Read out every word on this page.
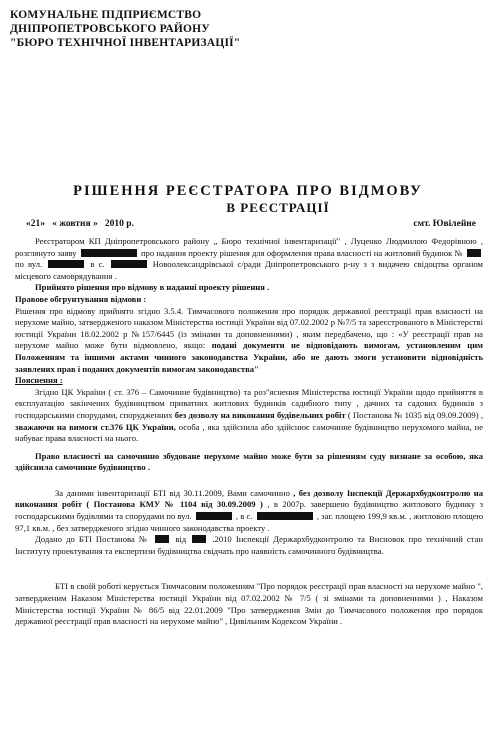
КОМУНАЛЬНЕ ПІДПРИЄМСТВО
ДНІПРОПЕТРОВСЬКОГО РАЙОНУ
"БЮРО ТЕХНІЧНОЇ ІНВЕНТАРИЗАЦІЇ"
РІШЕННЯ РЕЄСТРАТОРА ПРО ВІДМОВУ
В РЕЄСТРАЦІЇ
«21» « жовтня » 2010 р.	смт. Ювілейне

Реєстратором КП Дніпропетровського району „ Бюро технічної інвентаризації" , Луценко Людмилою Федорівною , розглянуто заяву	про надання проекту рішення для оформлення права власності на житловий будинок №  по вул.	в с.	Новоолександрівської с/ради Дніпропетровського р-ну з з видачею свідоцтва органом місцевого самоврядування .

Прийнято рішення про відмову в наданні проекту рішення .

Правове обгрунтування відмови :

Рішення про відмову прийнято згідно 3.5.4. Тимчасового положення про порядок державної реєстрації прав власності на нерухоме майно, затвердженого наказом Міністерства юстиції України від 07.02.2002 р №7/5 та зареєстрованого в Міністерстві юстиції України 18.02.2002 р №157/6445 (із змінами та доповненнями) , яким передбачено, що : «У реєстрації прав на нерухоме майно може бути відмовлено, якщо: подані документи не відповідають вимогам, установленим цим Положенням та іншими актами чинного законодавства України, або не дають змоги установити відповідність заявлених прав і поданих документів вимогам законодавства"

Пояснення :

Згідно ЦК України ( ст. 376 – Самочинне будівництво) та роз"яснення Міністерства юстиції України щодо прийняття в експлуатацію закінчених будівництвом приватних житлових будинків садибного типу , дачних та садових будинків з господарськими спорудами, спорудженних без дозволу на виконання будівельних робіт ( Постанова № 1035 від 09.09.2009) , зважаючи на вимоги ст.376 ЦК України, особа , яка здійснила або здійснює самочинне будівництво нерухомого майна, не набуває права власності на нього.

Право власності на самочинно збудоване нерухоме майно може бути за рішенням суду визнане за особою, яка здійснила самочинне будівництво .

За даними інвентаризації БТІ від 30.11.2009, Вами самочинно , без дозволу Інспекції Держархбудконтролю на виконання робіт ( Постанова КМУ № 1104 від 30.09.2009 ) , в 2007р. завершено будівництво житлового будинку з господарськими будівлями та спорудами по вул.	, в с.	, заг. площею 199,9 кв.м. , житловою площею 97,1 кв.м. , без затвердженого згідно чинного законодавства проекту .

Додано до БТІ Постанова №	від	.2010 Інспекції Держархбудконтролю та Висновок про технічний стан Інституту проектування та експертизи будівництва свідчать про наявність самочинного будівництва.

БТІ в своїй роботі керується Тимчасовим положенням "Про порядок реєстрації прав власності на нерухоме майно ", затвердженим Наказом Міністерства юстиції України від 07.02.2002 № 7/5 ( зі змінами та доповненнями ) , Наказом Міністерства юстиції України № 86/5 від 22.01.2009 "Про затвердження Змін до Тимчасового положення про порядок державної реєстрації прав власності на нерухоме майно" , Цивільним Кодексом України .
